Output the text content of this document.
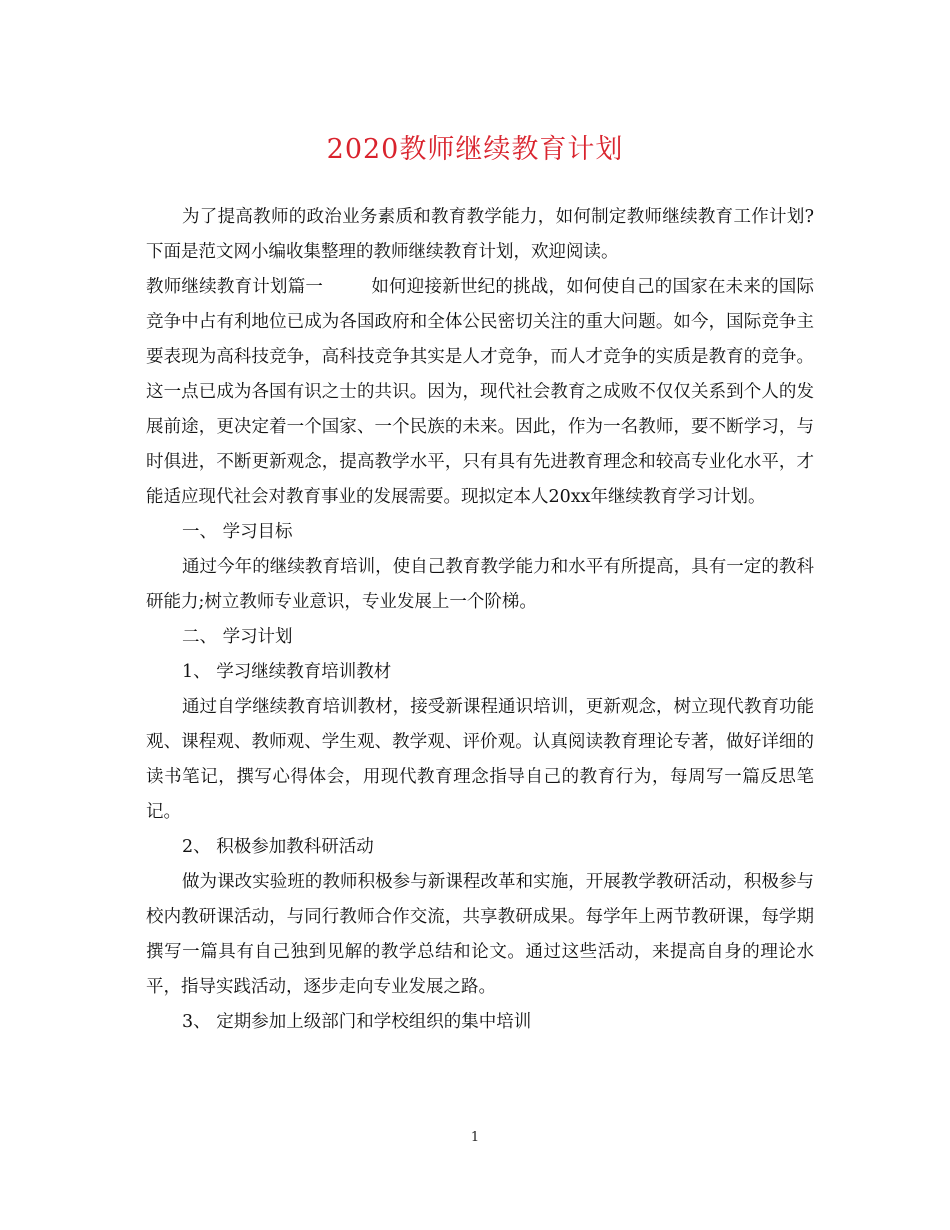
2020教师继续教育计划

为了提高教师的政治业务素质和教育教学能力，如何制定教师继续教育工作计划?下面是范文网小编收集整理的教师继续教育计划，欢迎阅读。

教师继续教育计划篇一	如何迎接新世纪的挑战，如何使自己的国家在未来的国际竞争中占有利地位已成为各国政府和全体公民密切关注的重大问题。如今，国际竞争主要表现为高科技竞争，高科技竞争其实是人才竞争，而人才竞争的实质是教育的竞争。这一点已成为各国有识之士的共识。因为，现代社会教育之成败不仅仅关系到个人的发展前途，更决定着一个国家、一个民族的未来。因此，作为一名教师，要不断学习，与时俱进，不断更新观念，提高教学水平，只有具有先进教育理念和较高专业化水平，才能适应现代社会对教育事业的发展需要。现拟定本人20xx年继续教育学习计划。

一、 学习目标

通过今年的继续教育培训，使自己教育教学能力和水平有所提高，具有一定的教科研能力;树立教师专业意识，专业发展上一个阶梯。

二、 学习计划

1、 学习继续教育培训教材

通过自学继续教育培训教材，接受新课程通识培训，更新观念，树立现代教育功能观、课程观、教师观、学生观、教学观、评价观。认真阅读教育理论专著，做好详细的读书笔记，撰写心得体会，用现代教育理念指导自己的教育行为，每周写一篇反思笔记。

2、 积极参加教科研活动

做为课改实验班的教师积极参与新课程改革和实施，开展教学教研活动，积极参与校内教研课活动，与同行教师合作交流，共享教研成果。每学年上两节教研课，每学期撰写一篇具有自己独到见解的教学总结和论文。通过这些活动，来提高自身的理论水平，指导实践活动，逐步走向专业发展之路。

3、 定期参加上级部门和学校组织的集中培训

1
